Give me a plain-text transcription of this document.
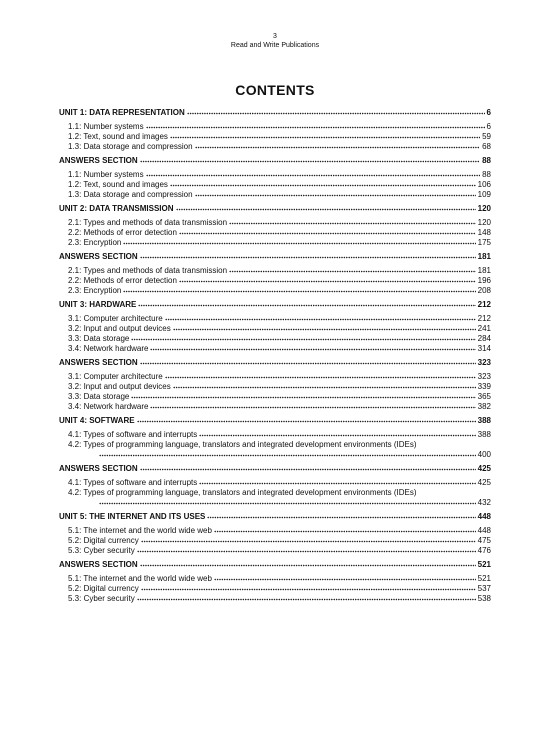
3
Read and Write Publications
CONTENTS
UNIT 1: DATA REPRESENTATION	6
1.1: Number systems	6
1.2: Text, sound and images	59
1.3: Data storage and compression	68
ANSWERS SECTION	88
1.1: Number systems	88
1.2: Text, sound and images	106
1.3: Data storage and compression	109
UNIT 2: DATA TRANSMISSION	120
2.1: Types and methods of data transmission	120
2.2: Methods of error detection	148
2.3: Encryption	175
ANSWERS SECTION	181
2.1: Types and methods of data transmission	181
2.2: Methods of error detection	196
2.3: Encryption	208
UNIT 3: HARDWARE	212
3.1: Computer architecture	212
3.2: Input and output devices	241
3.3: Data storage	284
3.4: Network hardware	314
ANSWERS SECTION	323
3.1: Computer architecture	323
3.2: Input and output devices	339
3.3: Data storage	365
3.4: Network hardware	382
UNIT 4: SOFTWARE	388
4.1: Types of software and interrupts	388
4.2: Types of programming language, translators and integrated development environments (IDEs)
400
ANSWERS SECTION	425
4.1: Types of software and interrupts	425
4.2: Types of programming language, translators and integrated development environments (IDEs)
432
UNIT 5: THE INTERNET AND ITS USES	448
5.1: The internet and the world wide web	448
5.2: Digital currency	475
5.3: Cyber security	476
ANSWERS SECTION	521
5.1: The internet and the world wide web	521
5.2: Digital currency	537
5.3: Cyber security	538
